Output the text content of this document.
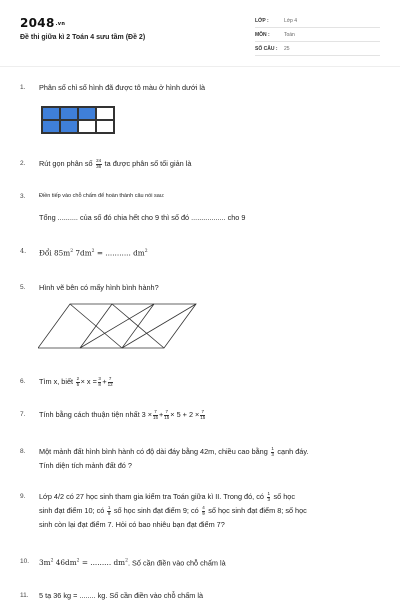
2048.vn
Đề thi giữa kì 2 Toán 4 sưu tầm (Đề 2)
LỚP :	Lớp 4
MÔN :	Toán
SỐ CÂU : 25
1. Phân số chỉ số hình đã được tô màu ở hình dưới là
2. Rút gọn phân số $\frac{24}{36}$ ta được phân số tối giản là
3. Điền tiếp vào chỗ chấm để hoàn thành câu nói sau:
Tổng .......... của số đó chia hết cho 9 thì số đó ................. cho 9
4. Đổi $85m^2$ $7dm^2$ = ........... $dm^2$
5. Hình vẽ bên có mấy hình bình hành?
6. Tìm x, biết $\frac{2}{5} \times x = \frac{3}{8} + \frac{7}{12}$
7. Tính bằng cách thuận tiện nhất $3 \times \frac{7}{15} + \frac{7}{15} \times 5 + 2 \times \frac{7}{15}$
8. Một mảnh đất hình bình hành có độ dài đáy bằng 42m, chiều cao bằng $\frac{1}{3}$ cạnh đáy.
Tính diện tích mảnh đất đó ?
9. Lớp 4/2 có 27 học sinh tham gia kiểm tra Toán giữa kì II. Trong đó, có $\frac{1}{3}$ số học
sinh đạt điểm 10; có $\frac{1}{9}$ số học sinh đạt điểm 9; có $\frac{4}{9}$ số học sinh đạt điểm 8; số học
sinh còn lại đạt điểm 7. Hỏi có bao nhiêu bạn đạt điểm 7?
10. $3m^2$ $46dm^2$ = ......... $dm^2$. Số cần điền vào chỗ chấm là
11. 5 tạ 36 kg = ........ kg. Số cần điền vào chỗ chấm là
